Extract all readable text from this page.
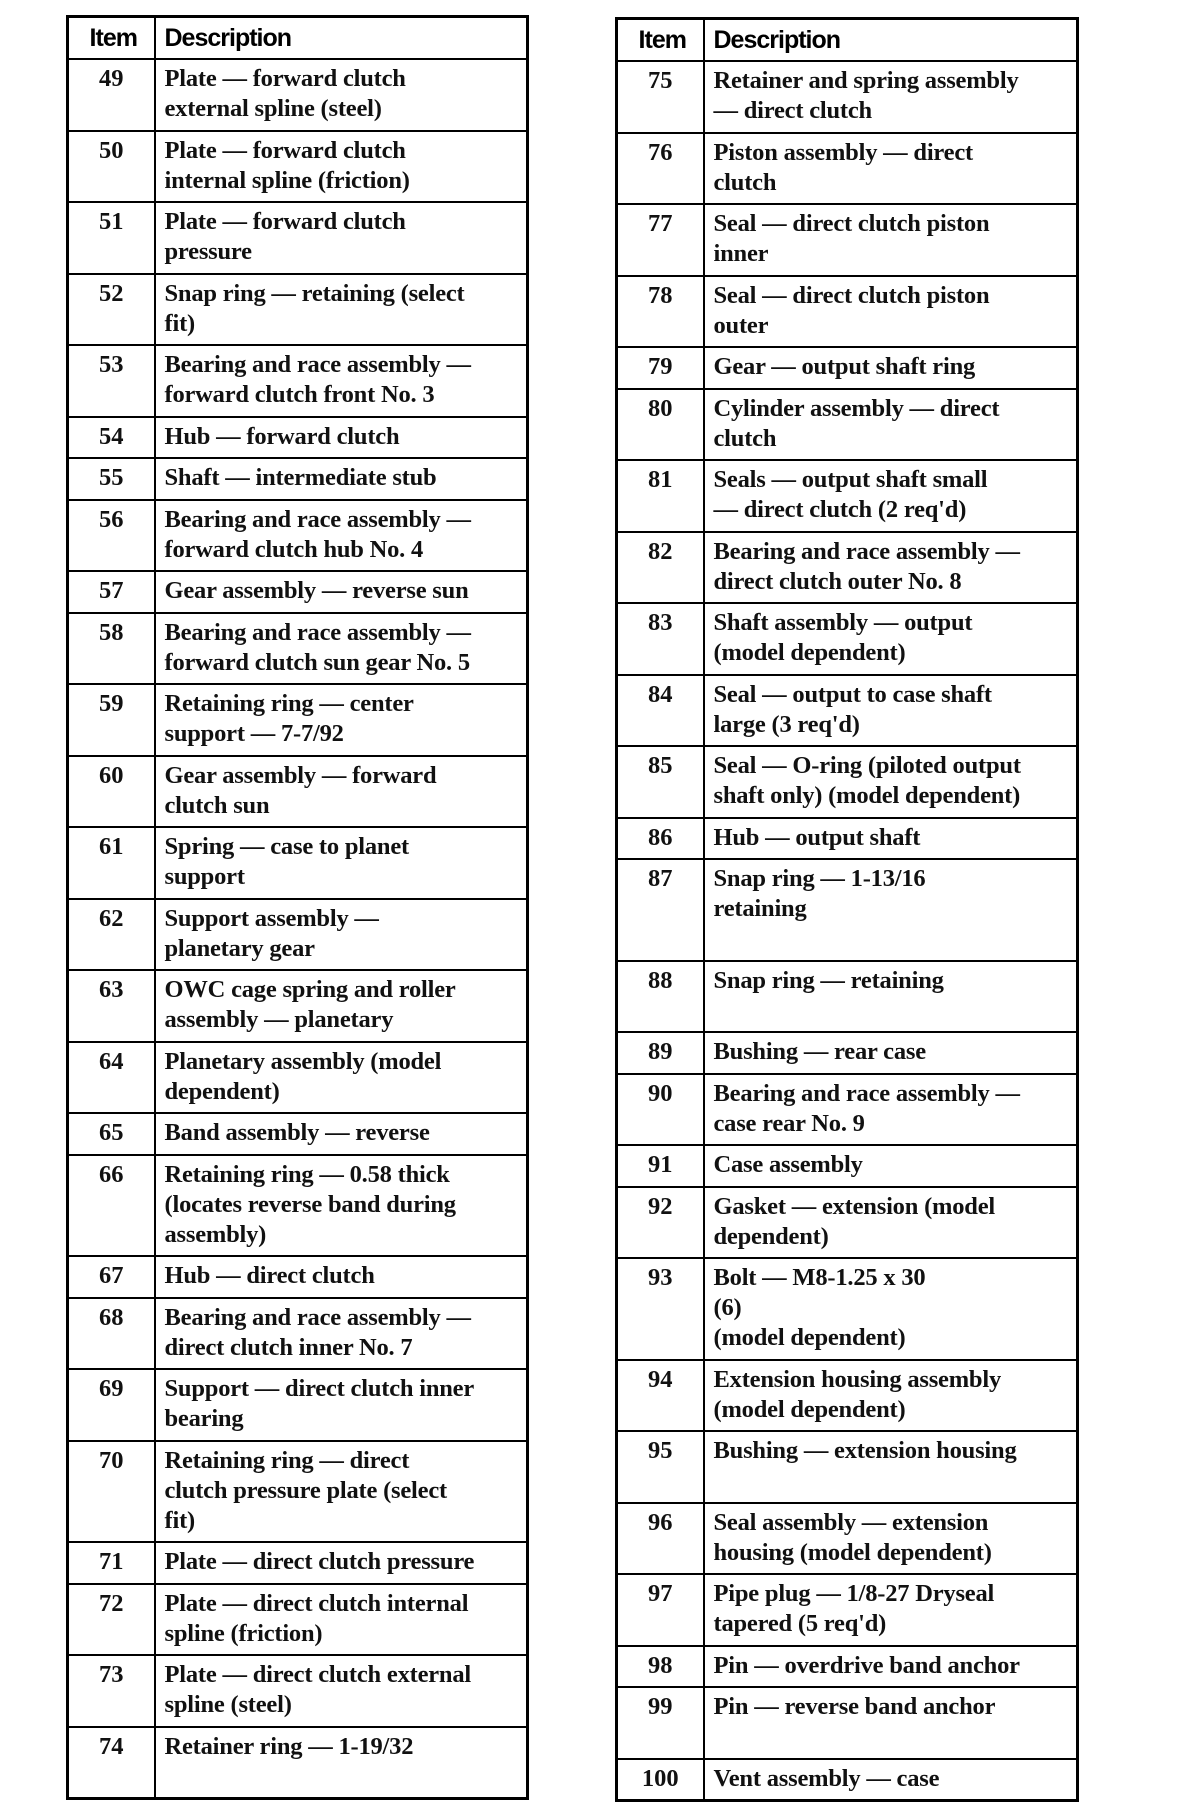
Item	Description
49	Plate — forward clutch
external spline (steel)
50	Plate — forward clutch
internal spline (friction)
51	Plate — forward clutch
pressure
52	Snap ring — retaining (select
fit)
53	Bearing and race assembly —
forward clutch front No. 3
54	Hub — forward clutch
55	Shaft — intermediate stub
56	Bearing and race assembly —
forward clutch hub No. 4
57	Gear assembly — reverse sun
58	Bearing and race assembly —
forward clutch sun gear No. 5
59	Retaining ring — center
support — 7-7/92
60	Gear assembly — forward
clutch sun
61	Spring — case to planet
support
62	Support assembly —
planetary gear
63	OWC cage spring and roller
assembly — planetary
64	Planetary assembly (model
dependent)
65	Band assembly — reverse
66	Retaining ring — 0.58 thick
(locates reverse band during
assembly)
67	Hub — direct clutch
68	Bearing and race assembly —
direct clutch inner No. 7
69	Support — direct clutch inner
bearing
70	Retaining ring — direct
clutch pressure plate (select
fit)
71	Plate — direct clutch pressure
72	Plate — direct clutch internal
spline (friction)
73	Plate — direct clutch external
spline (steel)
74	Retainer ring — 1-19/32
Item	Description
75	Retainer and spring assembly
— direct clutch
76	Piston assembly — direct
clutch
77	Seal — direct clutch piston
inner
78	Seal — direct clutch piston
outer
79	Gear — output shaft ring
80	Cylinder assembly — direct
clutch
81	Seals — output shaft small
— direct clutch (2 req'd)
82	Bearing and race assembly —
direct clutch outer No. 8
83	Shaft assembly — output
(model dependent)
84	Seal — output to case shaft
large (3 req'd)
85	Seal — O-ring (piloted output
shaft only) (model dependent)
86	Hub — output shaft
87	Snap ring — 1-13/16
retaining
88	Snap ring — retaining
89	Bushing — rear case
90	Bearing and race assembly —
case rear No. 9
91	Case assembly
92	Gasket — extension (model
dependent)
93	Bolt — M8-1.25 x 30
(6)
(model dependent)
94	Extension housing assembly
(model dependent)
95	Bushing — extension housing
96	Seal assembly — extension
housing (model dependent)
97	Pipe plug — 1/8-27 Dryseal
tapered (5 req'd)
98	Pin — overdrive band anchor
99	Pin — reverse band anchor
100	Vent assembly — case
